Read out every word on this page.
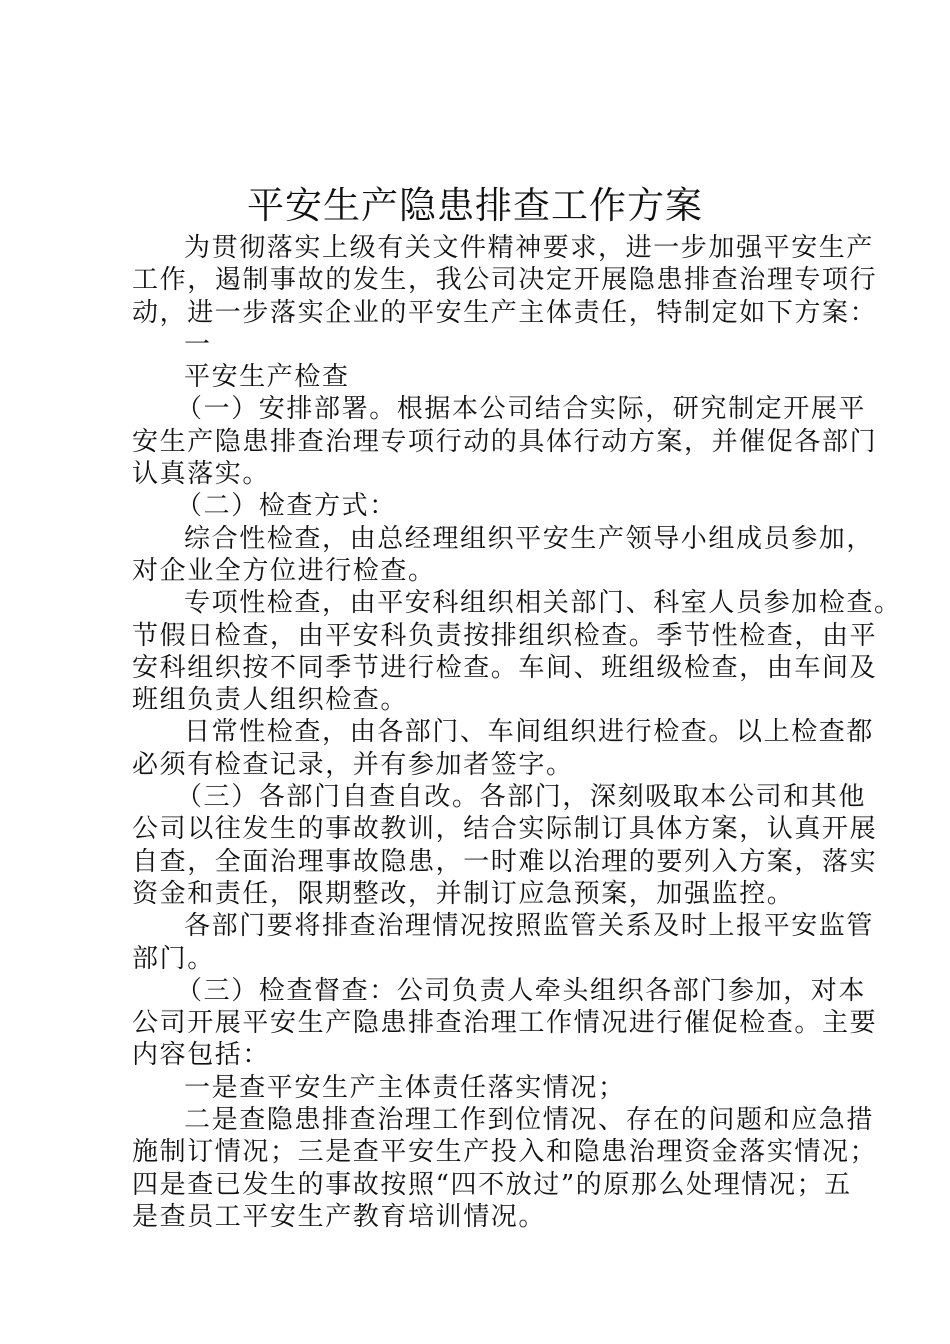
平安生产隐患排查工作方案

为贯彻落实上级有关文件精神要求，进一步加强平安生产

工作，遏制事故的发生，我公司决定开展隐患排查治理专项行

动，进一步落实企业的平安生产主体责任，特制定如下方案：

一

平安生产检查

（一）安排部署。根据本公司结合实际，研究制定开展平

安生产隐患排查治理专项行动的具体行动方案，并催促各部门

认真落实。

（二）检查方式：

综合性检查，由总经理组织平安生产领导小组成员参加，

对企业全方位进行检查。

专项性检查，由平安科组织相关部门、科室人员参加检查。

节假日检查，由平安科负责按排组织检查。季节性检查，由平

安科组织按不同季节进行检查。车间、班组级检查，由车间及

班组负责人组织检查。

日常性检查，由各部门、车间组织进行检查。以上检查都

必须有检查记录，并有参加者签字。

（三）各部门自查自改。各部门，深刻吸取本公司和其他

公司以往发生的事故教训，结合实际制订具体方案，认真开展

自查，全面治理事故隐患，一时难以治理的要列入方案，落实

资金和责任，限期整改，并制订应急预案，加强监控。

各部门要将排查治理情况按照监管关系及时上报平安监管

部门。

（三）检查督查：公司负责人牵头组织各部门参加，对本

公司开展平安生产隐患排查治理工作情况进行催促检查。主要

内容包括：

一是查平安生产主体责任落实情况；

二是查隐患排查治理工作到位情况、存在的问题和应急措

施制订情况；三是查平安生产投入和隐患治理资金落实情况；

四是查已发生的事故按照“四不放过”的原那么处理情况；五

是查员工平安生产教育培训情况。
